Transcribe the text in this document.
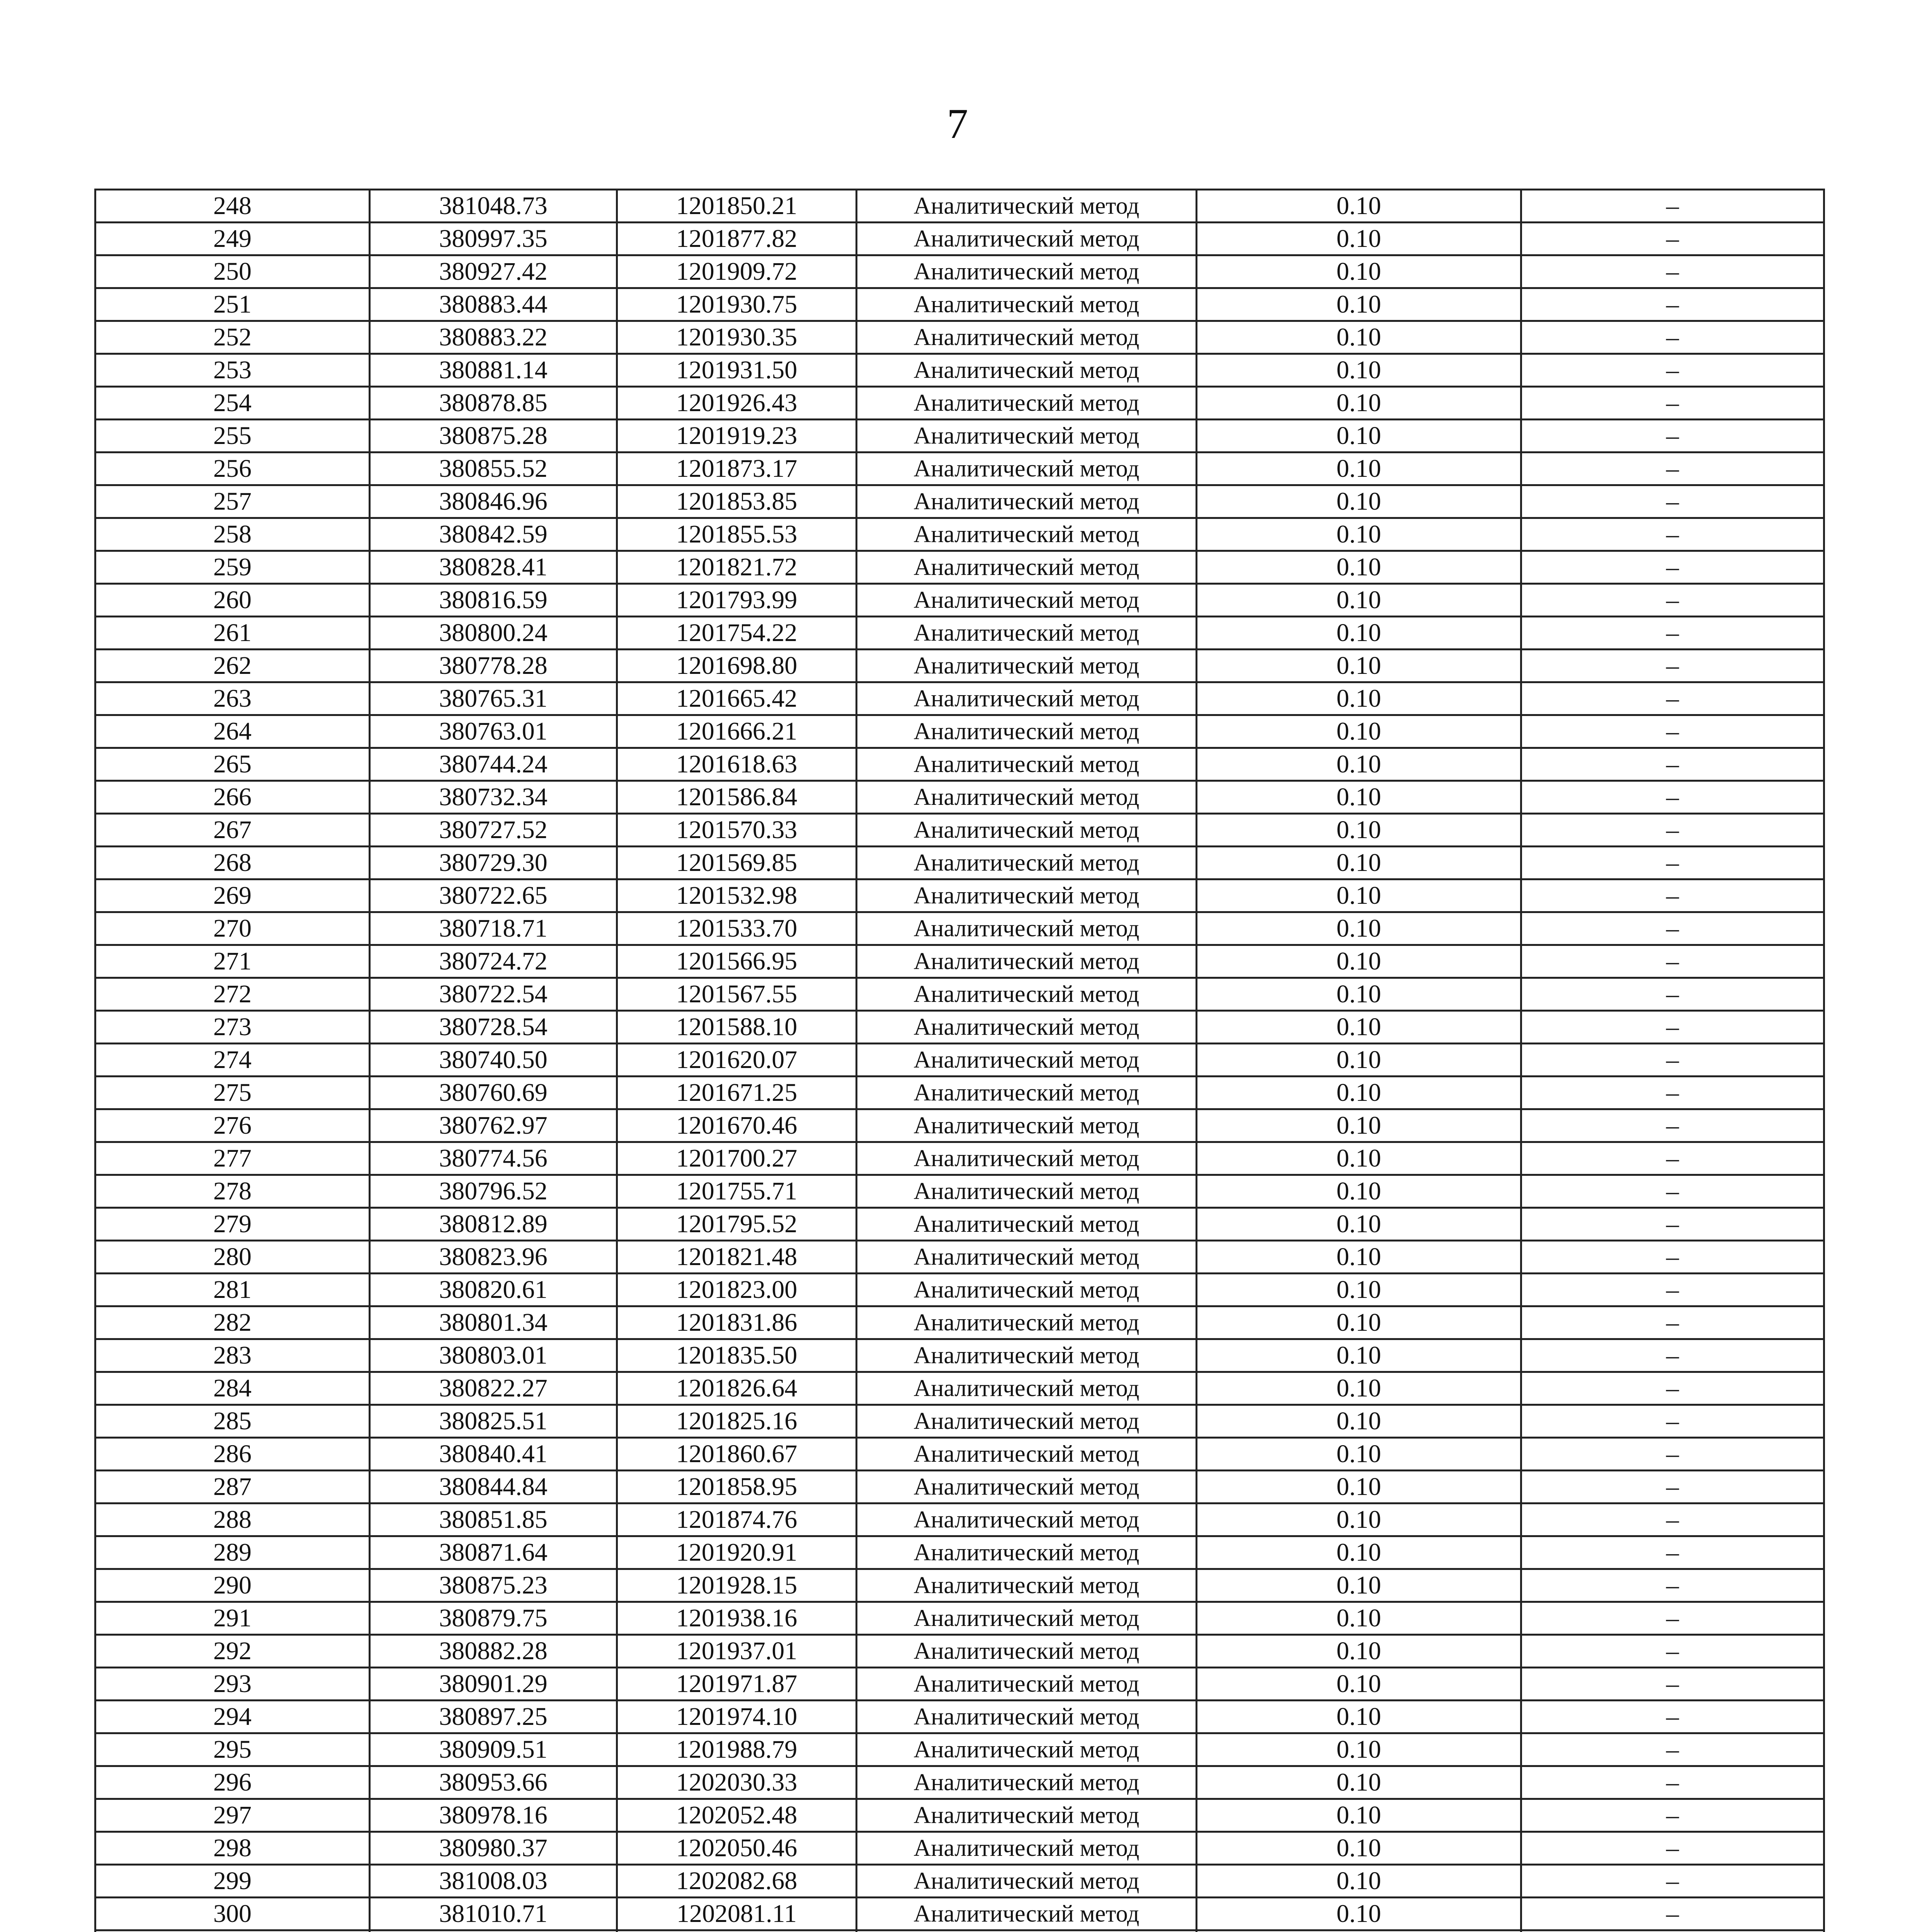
7
248	381048.73	1201850.21	Аналитический метод	0.10	–
249	380997.35	1201877.82	Аналитический метод	0.10	–
250	380927.42	1201909.72	Аналитический метод	0.10	–
251	380883.44	1201930.75	Аналитический метод	0.10	–
252	380883.22	1201930.35	Аналитический метод	0.10	–
253	380881.14	1201931.50	Аналитический метод	0.10	–
254	380878.85	1201926.43	Аналитический метод	0.10	–
255	380875.28	1201919.23	Аналитический метод	0.10	–
256	380855.52	1201873.17	Аналитический метод	0.10	–
257	380846.96	1201853.85	Аналитический метод	0.10	–
258	380842.59	1201855.53	Аналитический метод	0.10	–
259	380828.41	1201821.72	Аналитический метод	0.10	–
260	380816.59	1201793.99	Аналитический метод	0.10	–
261	380800.24	1201754.22	Аналитический метод	0.10	–
262	380778.28	1201698.80	Аналитический метод	0.10	–
263	380765.31	1201665.42	Аналитический метод	0.10	–
264	380763.01	1201666.21	Аналитический метод	0.10	–
265	380744.24	1201618.63	Аналитический метод	0.10	–
266	380732.34	1201586.84	Аналитический метод	0.10	–
267	380727.52	1201570.33	Аналитический метод	0.10	–
268	380729.30	1201569.85	Аналитический метод	0.10	–
269	380722.65	1201532.98	Аналитический метод	0.10	–
270	380718.71	1201533.70	Аналитический метод	0.10	–
271	380724.72	1201566.95	Аналитический метод	0.10	–
272	380722.54	1201567.55	Аналитический метод	0.10	–
273	380728.54	1201588.10	Аналитический метод	0.10	–
274	380740.50	1201620.07	Аналитический метод	0.10	–
275	380760.69	1201671.25	Аналитический метод	0.10	–
276	380762.97	1201670.46	Аналитический метод	0.10	–
277	380774.56	1201700.27	Аналитический метод	0.10	–
278	380796.52	1201755.71	Аналитический метод	0.10	–
279	380812.89	1201795.52	Аналитический метод	0.10	–
280	380823.96	1201821.48	Аналитический метод	0.10	–
281	380820.61	1201823.00	Аналитический метод	0.10	–
282	380801.34	1201831.86	Аналитический метод	0.10	–
283	380803.01	1201835.50	Аналитический метод	0.10	–
284	380822.27	1201826.64	Аналитический метод	0.10	–
285	380825.51	1201825.16	Аналитический метод	0.10	–
286	380840.41	1201860.67	Аналитический метод	0.10	–
287	380844.84	1201858.95	Аналитический метод	0.10	–
288	380851.85	1201874.76	Аналитический метод	0.10	–
289	380871.64	1201920.91	Аналитический метод	0.10	–
290	380875.23	1201928.15	Аналитический метод	0.10	–
291	380879.75	1201938.16	Аналитический метод	0.10	–
292	380882.28	1201937.01	Аналитический метод	0.10	–
293	380901.29	1201971.87	Аналитический метод	0.10	–
294	380897.25	1201974.10	Аналитический метод	0.10	–
295	380909.51	1201988.79	Аналитический метод	0.10	–
296	380953.66	1202030.33	Аналитический метод	0.10	–
297	380978.16	1202052.48	Аналитический метод	0.10	–
298	380980.37	1202050.46	Аналитический метод	0.10	–
299	381008.03	1202082.68	Аналитический метод	0.10	–
300	381010.71	1202081.11	Аналитический метод	0.10	–
